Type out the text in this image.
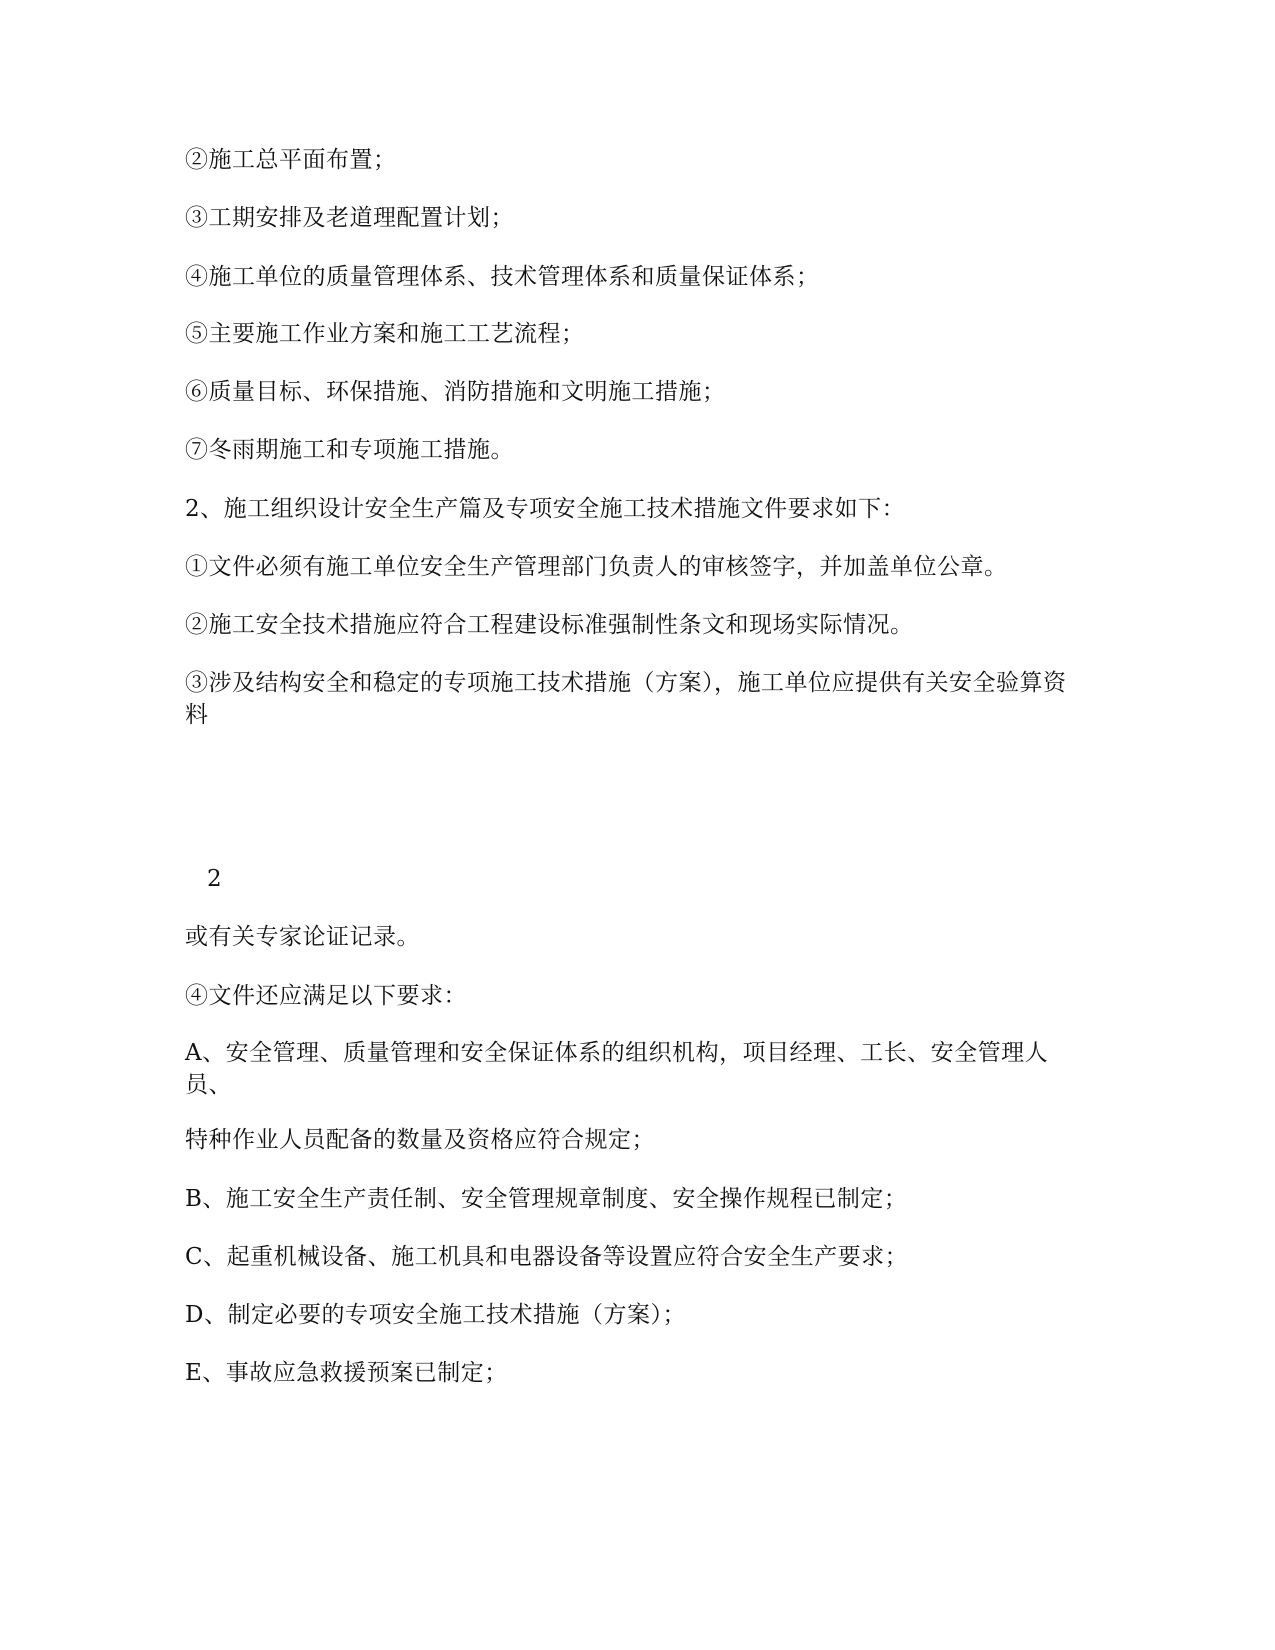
②施工总平面布置；

③工期安排及老道理配置计划；

④施工单位的质量管理体系、技术管理体系和质量保证体系；

⑤主要施工作业方案和施工工艺流程；

⑥质量目标、环保措施、消防措施和文明施工措施；

⑦冬雨期施工和专项施工措施。

2、施工组织设计安全生产篇及专项安全施工技术措施文件要求如下：

①文件必须有施工单位安全生产管理部门负责人的审核签字，并加盖单位公章。

②施工安全技术措施应符合工程建设标准强制性条文和现场实际情况。

③涉及结构安全和稳定的专项施工技术措施（方案），施工单位应提供有关安全验算资料

2

或有关专家论证记录。

④文件还应满足以下要求：

A、安全管理、质量管理和安全保证体系的组织机构，项目经理、工长、安全管理人员、

特种作业人员配备的数量及资格应符合规定；

B、施工安全生产责任制、安全管理规章制度、安全操作规程已制定；

C、起重机械设备、施工机具和电器设备等设置应符合安全生产要求；

D、制定必要的专项安全施工技术措施（方案）；

E、事故应急救援预案已制定；
